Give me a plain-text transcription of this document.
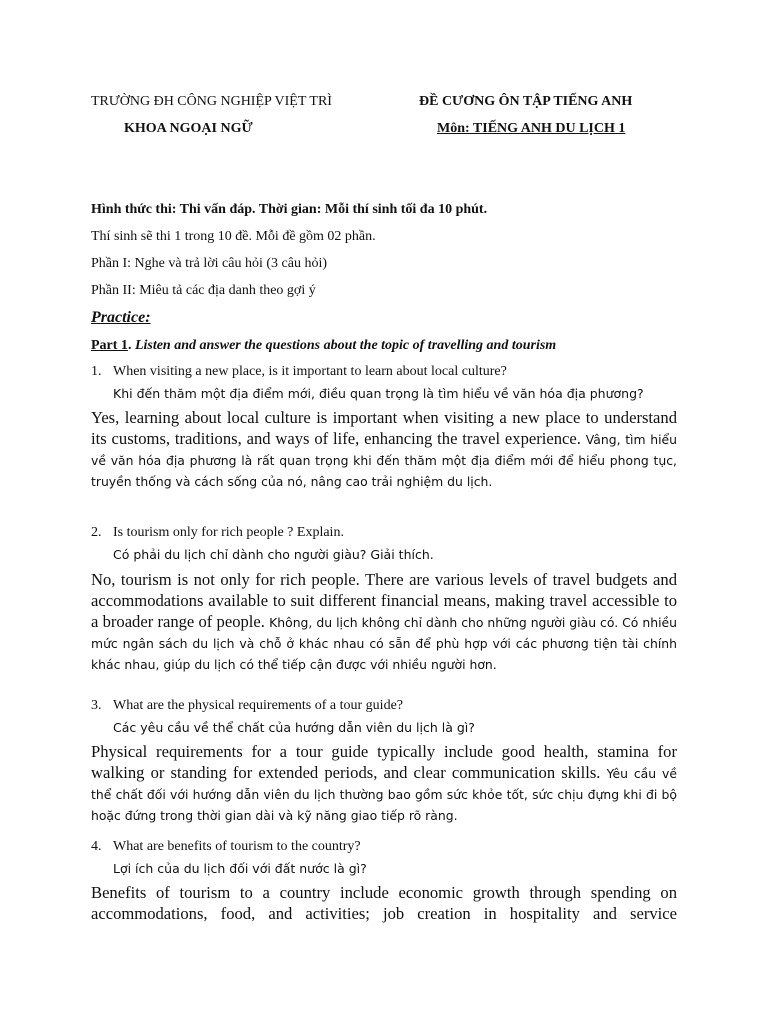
TRƯỜNG ĐH CÔNG NGHIỆP VIỆT TRÌ
KHOA NGOẠI NGỮ
ĐỀ CƯƠNG ÔN TẬP TIẾNG ANH
Môn: TIẾNG ANH DU LỊCH 1
Hình thức thi: Thi vấn đáp. Thời gian: Mỗi thí sinh tối đa 10 phút.
Thí sinh sẽ thi 1 trong 10 đề. Mỗi đề gồm 02 phần.
Phần I: Nghe và trả lời câu hỏi (3 câu hỏi)
Phần II: Miêu tả các địa danh theo gợi ý
Practice:
Part 1. Listen and answer the questions about the topic of travelling and tourism
1. When visiting a new place, is it important to learn about local culture?
Khi đến thăm một địa điểm mới, điều quan trọng là tìm hiểu về văn hóa địa phương?
Yes, learning about local culture is important when visiting a new place to understand its customs, traditions, and ways of life, enhancing the travel experience. Vâng, tìm hiểu về văn hóa địa phương là rất quan trọng khi đến thăm một địa điểm mới để hiểu phong tục, truyền thống và cách sống của nó, nâng cao trải nghiệm du lịch.
2. Is tourism only for rich people ? Explain.
Có phải du lịch chỉ dành cho người giàu? Giải thích.
No, tourism is not only for rich people. There are various levels of travel budgets and accommodations available to suit different financial means, making travel accessible to a broader range of people. Không, du lịch không chỉ dành cho những người giàu có. Có nhiều mức ngân sách du lịch và chỗ ở khác nhau có sẵn để phù hợp với các phương tiện tài chính khác nhau, giúp du lịch có thể tiếp cận được với nhiều người hơn.
3. What are the physical requirements of a tour guide?
Các yêu cầu về thể chất của hướng dẫn viên du lịch là gì?
Physical requirements for a tour guide typically include good health, stamina for walking or standing for extended periods, and clear communication skills. Yêu cầu về thể chất đối với hướng dẫn viên du lịch thường bao gồm sức khỏe tốt, sức chịu đựng khi đi bộ hoặc đứng trong thời gian dài và kỹ năng giao tiếp rõ ràng.
4. What are benefits of tourism to the country?
Lợi ích của du lịch đối với đất nước là gì?
Benefits of tourism to a country include economic growth through spending on accommodations, food, and activities; job creation in hospitality and service
